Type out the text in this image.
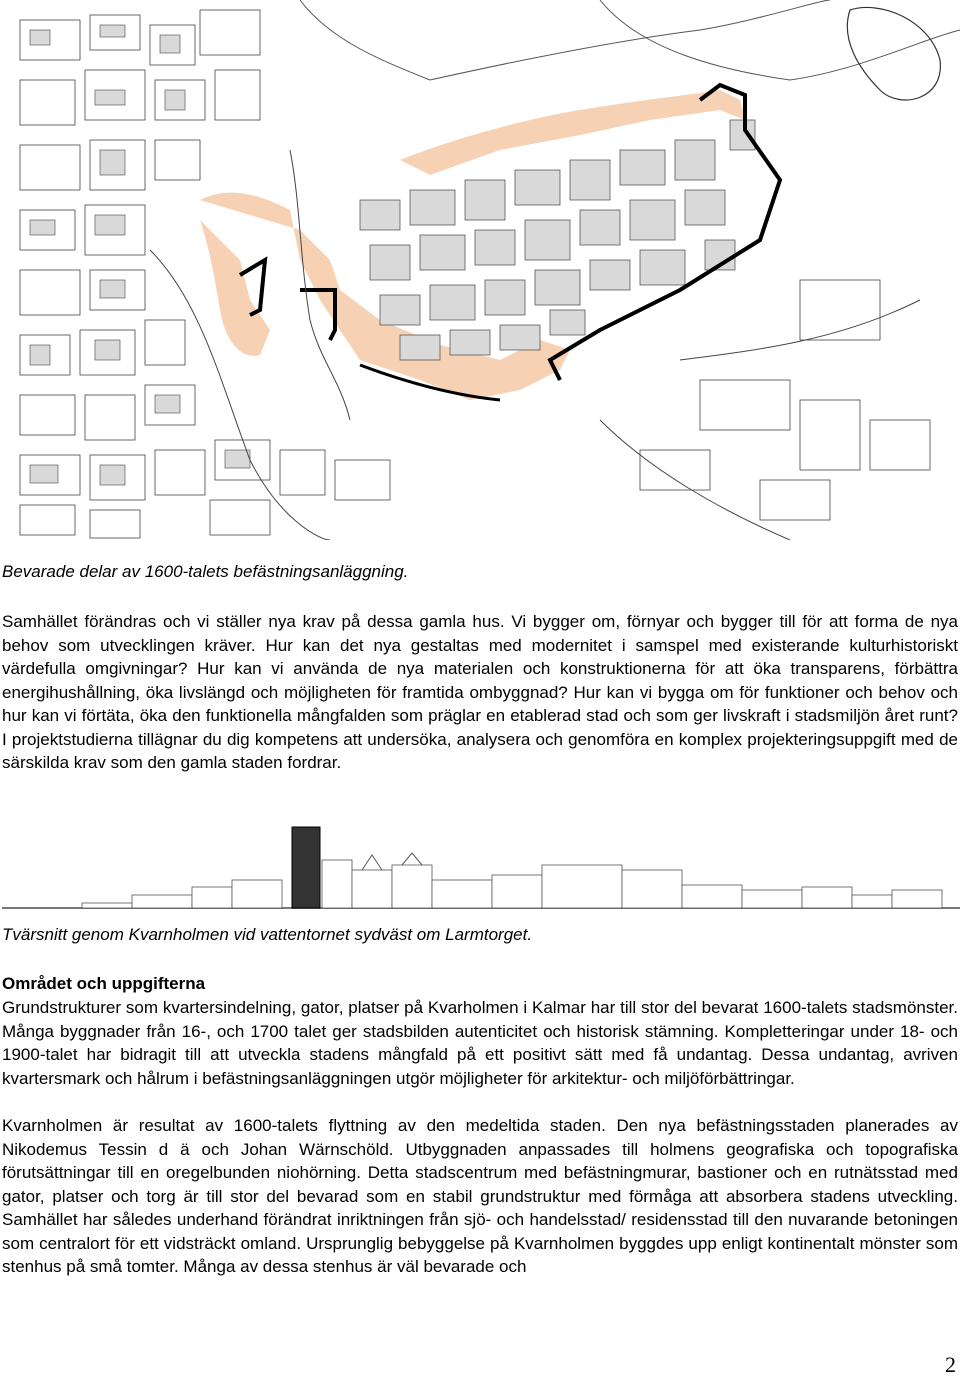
Bevarade delar av 1600-talets befästningsanläggning.

Samhället förändras och vi ställer nya krav på dessa gamla hus. Vi bygger om, förnyar och bygger till för att forma de nya behov som utvecklingen kräver. Hur kan det nya gestaltas med modernitet i samspel med existerande kulturhistoriskt värdefulla omgivningar? Hur kan vi använda de nya materialen och konstruktionerna för att öka transparens, förbättra energihushållning, öka livslängd och möjligheten för framtida ombyggnad? Hur kan vi bygga om för funktioner och behov och hur kan vi förtäta, öka den funktionella mångfalden som präglar en etablerad stad och som ger livskraft i stadsmiljön året runt? I projektstudierna tillägnar du dig kompetens att undersöka, analysera och genomföra en komplex projekteringsuppgift med de särskilda krav som den gamla staden fordrar.

Tvärsnitt genom Kvarnholmen vid vattentornet sydväst om Larmtorget.

Området och uppgifterna

Grundstrukturer som kvartersindelning, gator, platser på Kvarholmen i Kalmar har till stor del bevarat 1600-talets stadsmönster. Många byggnader från 16-, och 1700 talet ger stadsbilden autenticitet och historisk stämning. Kompletteringar under 18- och 1900-talet har bidragit till att utveckla stadens mångfald på ett positivt sätt med få undantag. Dessa undantag, avriven kvartersmark och hålrum i befästningsanläggningen utgör möjligheter för arkitektur- och miljöförbättringar.

Kvarnholmen är resultat av 1600-talets flyttning av den medeltida staden. Den nya befästningsstaden planerades av Nikodemus Tessin d ä och Johan Wärnschöld. Utbyggnaden anpassades till holmens geografiska och topografiska förutsättningar till en oregelbunden niohörning. Detta stadscentrum med befästningmurar, bastioner och en rutnätsstad med gator, platser och torg är till stor del bevarad som en stabil grundstruktur med förmåga att absorbera stadens utveckling. Samhället har således underhand förändrat inriktningen från sjö- och handelsstad/ residensstad till den nuvarande betoningen som centralort för ett vidsträckt omland. Ursprunglig bebyggelse på Kvarnholmen byggdes upp enligt kontinentalt mönster som stenhus på små tomter. Många av dessa stenhus är väl bevarade och

2
